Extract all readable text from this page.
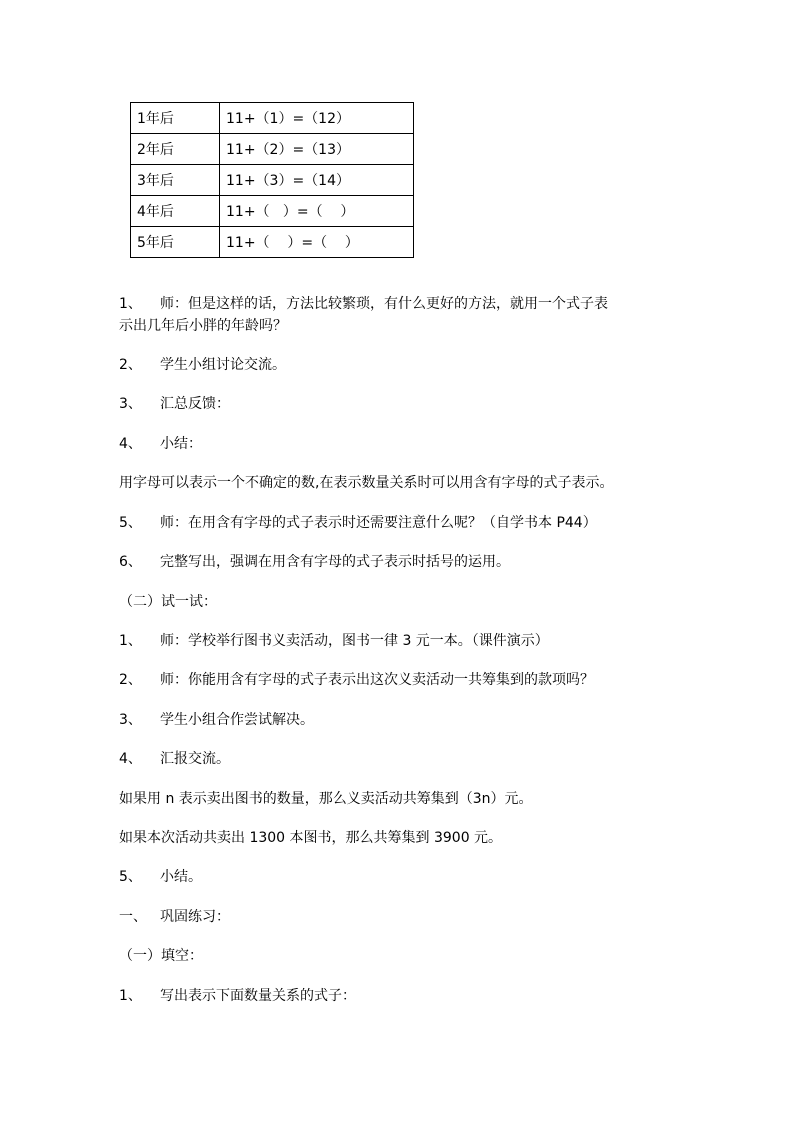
1年后	11+（1）=（12）
2年后	11+（2）=（13）
3年后	11+（3）=（14）
4年后	11+（   ）=（    ）
5年后	11+（    ）=（    ）
1、 师：但是这样的话，方法比较繁琐，有什么更好的方法，就用一个式子表
示出几年后小胖的年龄吗？
2、 学生小组讨论交流。
3、 汇总反馈：
4、 小结：
用字母可以表示一个不确定的数,在表示数量关系时可以用含有字母的式子表示。
5、 师：在用含有字母的式子表示时还需要注意什么呢？（自学书本 P44）
6、 完整写出，强调在用含有字母的式子表示时括号的运用。
（二）试一试：
1、 师：学校举行图书义卖活动，图书一律 3 元一本。（课件演示）
2、 师：你能用含有字母的式子表示出这次义卖活动一共筹集到的款项吗？
3、 学生小组合作尝试解决。
4、 汇报交流。
如果用 n 表示卖出图书的数量，那么义卖活动共筹集到（3n）元。
如果本次活动共卖出 1300 本图书，那么共筹集到 3900 元。
5、 小结。
一、 巩固练习：
（一）填空：
1、 写出表示下面数量关系的式子：
